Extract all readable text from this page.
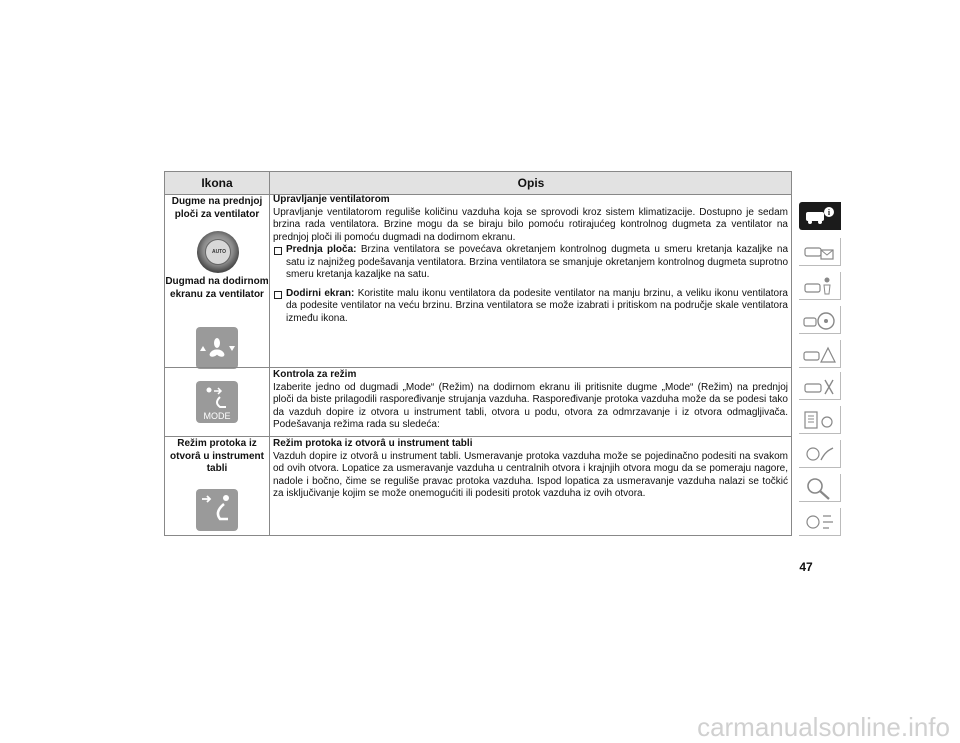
Ikona	Opis
Dugme na prednjoj ploči za ventilator
AUTO
Dugmad na dodirnom ekranu za ventilator
Upravljanje ventilatorom
Upravljanje ventilatorom reguliše količinu vazduha koja se sprovodi kroz sistem klimatizacije. Dostupno je sedam brzina rada ventilatora. Brzine mogu da se biraju bilo pomoću rotirajućeg kontrolnog dugmeta za ventilator na prednjoj ploči ili pomoću dugmadi na dodirnom ekranu.
Prednja ploča: Brzina ventilatora se povećava okretanjem kontrolnog dugmeta u smeru kretanja kazaljke na satu iz najnižeg podešavanja ventilatora. Brzina ventilatora se smanjuje okretanjem kontrolnog dugmeta suprotno smeru kretanja kazaljke na satu.
Dodirni ekran: Koristite malu ikonu ventilatora da podesite ventilator na manju brzinu, a veliku ikonu ventilatora da podesite ventilator na veću brzinu. Brzina ventilatora se može izabrati i pritiskom na područje skale ventilatora između ikona.
MODE
Kontrola za režim
Izaberite jedno od dugmadi „Mode“ (Režim) na dodirnom ekranu ili pritisnite dugme „Mode“ (Režim) na prednjoj ploči da biste prilagodili raspoređivanje strujanja vazduha. Raspoređivanje protoka vazduha može da se podesi tako da vazduh dopire iz otvora u instrument tabli, otvora u podu, otvora za odmrzavanje i iz otvora odmagljivača. Podešavanja režima rada su sledeća:
Režim protoka iz otvorâ u instrument tabli
Režim protoka iz otvorâ u instrument tabli
Vazduh dopire iz otvorâ u instrument tabli. Usmeravanje protoka vazduha može se pojedinačno podesiti na svakom od ovih otvora. Lopatice za usmeravanje vazduha u centralnih otvora i krajnjih otvora mogu da se pomeraju nagore, nadole i bočno, čime se reguliše pravac protoka vazduha. Ispod lopatica za usmeravanje vazduha nalazi se točkić za isključivanje kojim se može onemogućiti ili podesiti protok vazduha iz ovih otvora.
i
47
carmanualsonline.info
